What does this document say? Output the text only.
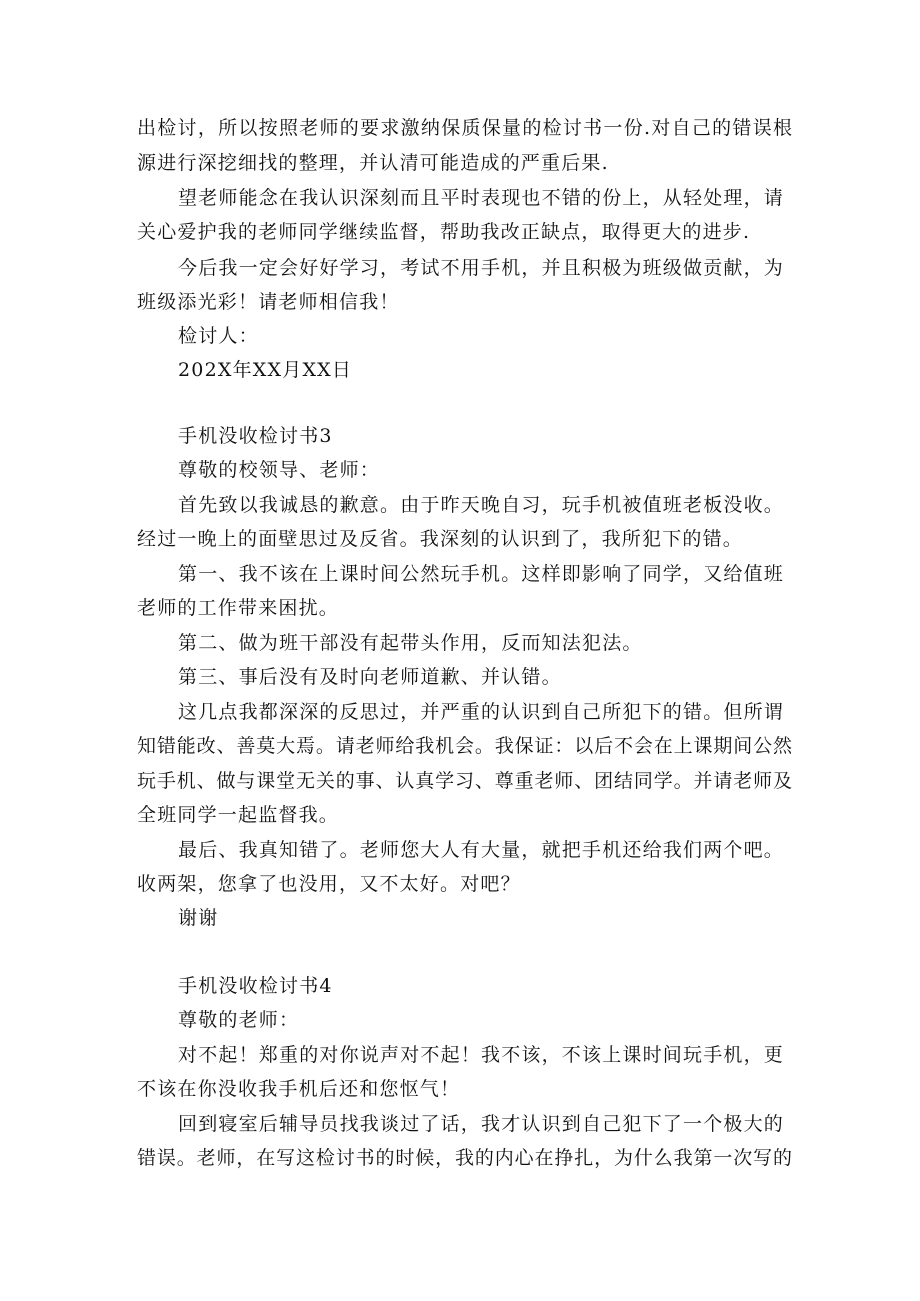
出检讨，所以按照老师的要求激纳保质保量的检讨书一份.对自己的错误根
源进行深挖细找的整理，并认清可能造成的严重后果.
望老师能念在我认识深刻而且平时表现也不错的份上，从轻处理，请
关心爱护我的老师同学继续监督，帮助我改正缺点，取得更大的进步.
今后我一定会好好学习，考试不用手机，并且积极为班级做贡献，为
班级添光彩！请老师相信我！
检讨人：
202X年XX月XX日
手机没收检讨书3
尊敬的校领导、老师：
首先致以我诚恳的歉意。由于昨天晚自习，玩手机被值班老板没收。
经过一晚上的面壁思过及反省。我深刻的认识到了，我所犯下的错。
第一、我不该在上课时间公然玩手机。这样即影响了同学，又给值班
老师的工作带来困扰。
第二、做为班干部没有起带头作用，反而知法犯法。
第三、事后没有及时向老师道歉、并认错。
这几点我都深深的反思过，并严重的认识到自己所犯下的错。但所谓
知错能改、善莫大焉。请老师给我机会。我保证：以后不会在上课期间公然
玩手机、做与课堂无关的事、认真学习、尊重老师、团结同学。并请老师及
全班同学一起监督我。
最后、我真知错了。老师您大人有大量，就把手机还给我们两个吧。
收两架，您拿了也没用，又不太好。对吧？
谢谢
手机没收检讨书4
尊敬的老师：
对不起！郑重的对你说声对不起！我不该，不该上课时间玩手机，更
不该在你没收我手机后还和您怄气！
回到寝室后辅导员找我谈过了话，我才认识到自己犯下了一个极大的
错误。老师，在写这检讨书的时候，我的内心在挣扎，为什么我第一次写的
